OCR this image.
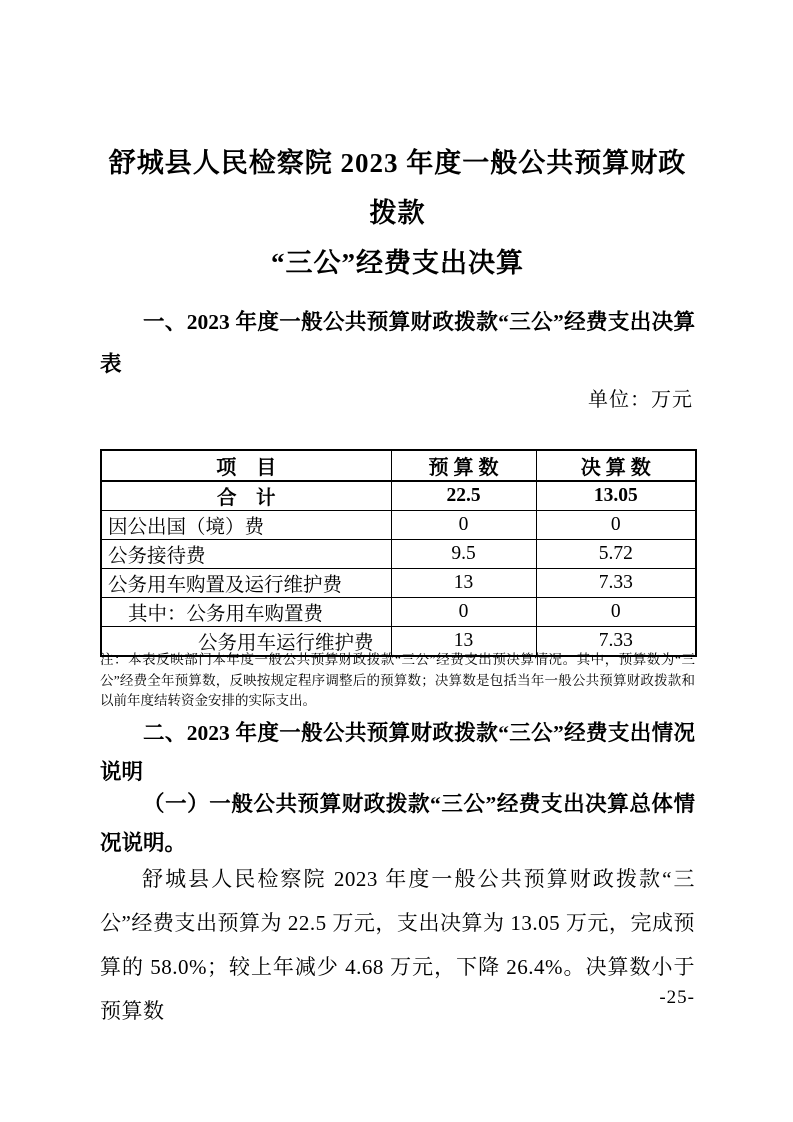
舒城县人民检察院 2023 年度一般公共预算财政拨款
“三公”经费支出决算

一、2023 年度一般公共预算财政拨款“三公”经费支出决算表

单位：万元
项　目	预 算 数	决 算 数
合　计	22.5	13.05
因公出国（境）费	0	0
公务接待费	9.5	5.72
公务用车购置及运行维护费	13	7.33
其中：公务用车购置费	0	0
公务用车运行维护费	13	7.33

注：本表反映部门本年度一般公共预算财政拨款“三公”经费支出预决算情况。其中，预算数为“三公”经费全年预算数，反映按规定程序调整后的预算数；决算数是包括当年一般公共预算财政拨款和以前年度结转资金安排的实际支出。

二、2023 年度一般公共预算财政拨款“三公”经费支出情况说明

（一）一般公共预算财政拨款“三公”经费支出决算总体情况说明。

舒城县人民检察院 2023 年度一般公共预算财政拨款“三公”经费支出预算为 22.5 万元，支出决算为 13.05 万元，完成预算的 58.0%；较上年减少 4.68 万元，下降 26.4%。决算数小于预算数

-25-
